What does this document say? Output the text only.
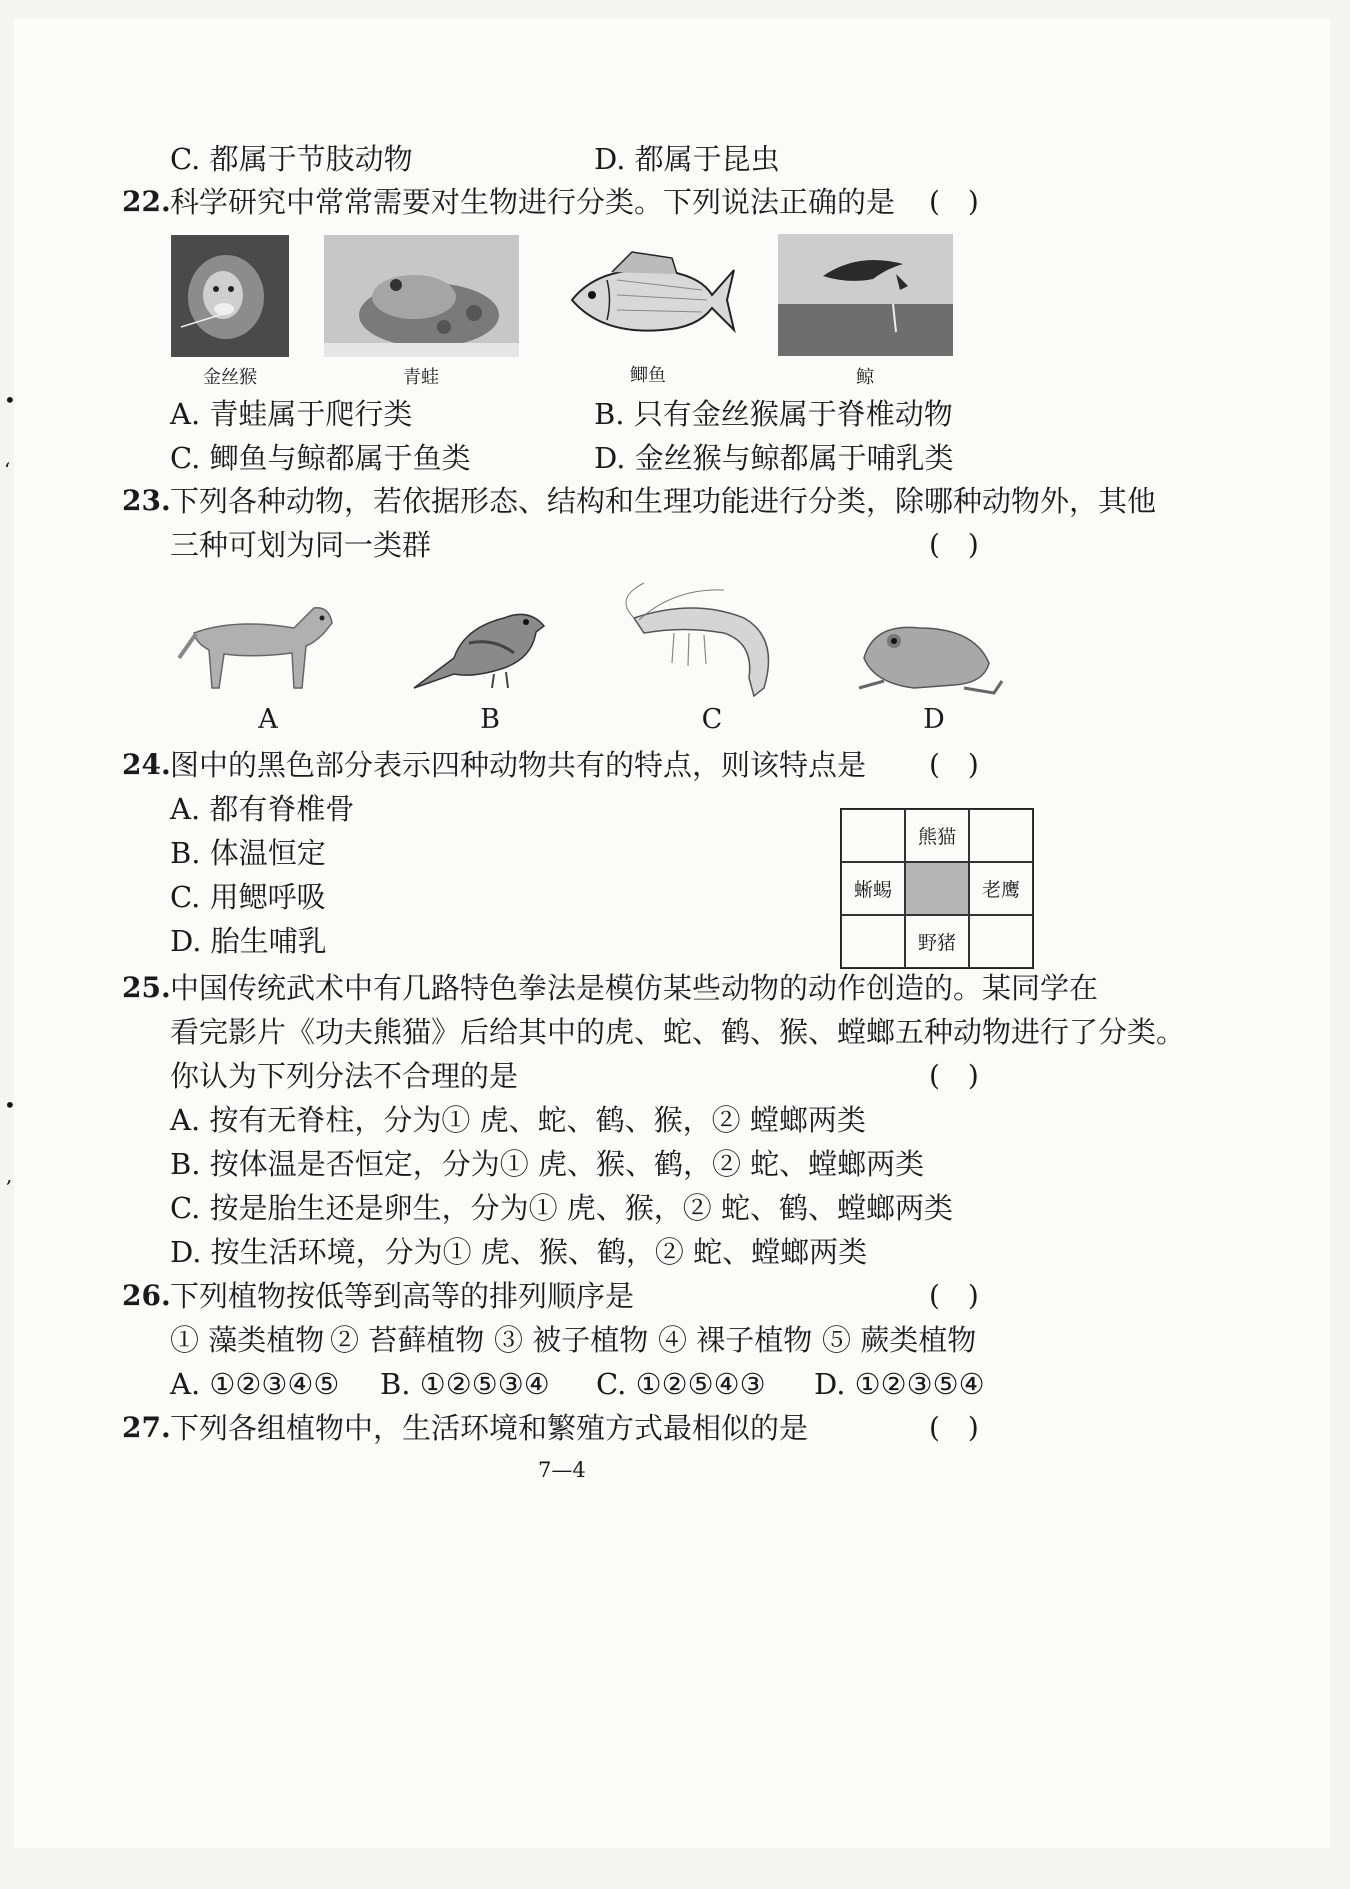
C. 都属于节肢动物	D. 都属于昆虫
22. 科学研究中常常需要对生物进行分类。下列说法正确的是 ()
金丝猴	青蛙	鲫鱼	鲸
A. 青蛙属于爬行类	B. 只有金丝猴属于脊椎动物
C. 鲫鱼与鲸都属于鱼类	D. 金丝猴与鲸都属于哺乳类
23. 下列各种动物，若依据形态、结构和生理功能进行分类，除哪种动物外，其他
三种可划为同一类群	()
A	B	C	D
24. 图中的黑色部分表示四种动物共有的特点，则该特点是 ()
A. 都有脊椎骨
B. 体温恒定
C. 用鳃呼吸
D. 胎生哺乳
熊猫
蜥蜴	老鹰
野猪
25. 中国传统武术中有几路特色拳法是模仿某些动物的动作创造的。某同学在
看完影片《功夫熊猫》后给其中的虎、蛇、鹤、猴、螳螂五种动物进行了分类。
你认为下列分法不合理的是	()
A. 按有无脊柱，分为① 虎、蛇、鹤、猴，② 螳螂两类
B. 按体温是否恒定，分为① 虎、猴、鹤，② 蛇、螳螂两类
C. 按是胎生还是卵生，分为① 虎、猴，② 蛇、鹤、螳螂两类
D. 按生活环境，分为① 虎、猴、鹤，② 蛇、螳螂两类
26. 下列植物按低等到高等的排列顺序是	()
① 藻类植物 ② 苔藓植物 ③ 被子植物 ④ 裸子植物 ⑤ 蕨类植物
A. ①②③④⑤ B. ①②⑤③④ C. ①②⑤④③ D. ①②③⑤④
27. 下列各组植物中，生活环境和繁殖方式最相似的是	()
•
ʻ
•
,
7—4
